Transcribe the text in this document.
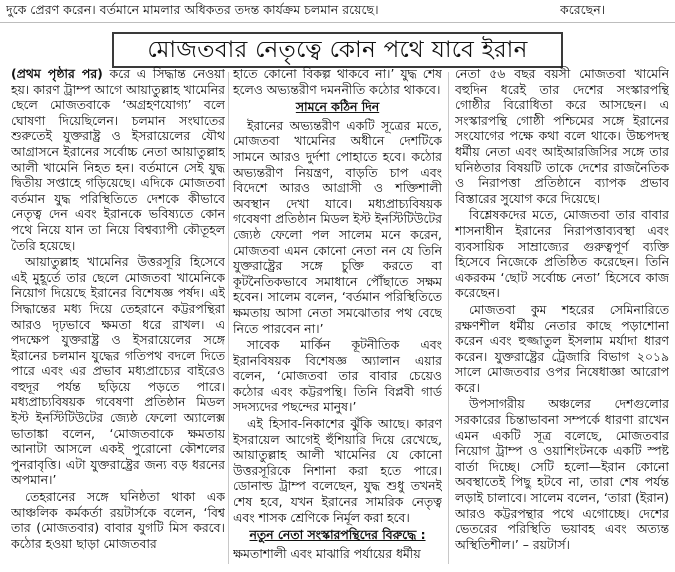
দুকে প্রেরণ করেন। বর্তমানে মামলার অধিকতর তদন্ত কার্যক্রম চলমান রয়েছে।	করেছেন।
মোজতবার নেতৃত্বে কোন পথে যাবে ইরান

(প্রথম পৃষ্ঠার পর) করে এ সিদ্ধান্ত নেওয়া হয়। কারণ ট্রাম্প আগে আয়াতুল্লাহ খামেনির ছেলে মোজতবাকে ‘অগ্রহণযোগ্য’ বলে ঘোষণা দিয়েছিলেন। চলমান সংঘাতের শুরুতেই যুক্তরাষ্ট্র ও ইসরায়েলের যৌথ আগ্রাসনে ইরানের সর্বোচ্চ নেতা আয়াতুল্লাহ আলী খামেনি নিহত হন। বর্তমানে সেই যুদ্ধ দ্বিতীয় সপ্তাহে গড়িয়েছে। এদিকে মোজতবা বর্তমান যুদ্ধ পরিস্থিতিতে দেশকে কীভাবে নেতৃত্ব দেন এবং ইরানকে ভবিষ্যতে কোন পথে নিয়ে যান তা নিয়ে বিশ্বব্যাপী কৌতূহল তৈরি হয়েছে।

আয়াতুল্লাহ খামেনির উত্তরসূরি হিসেবে এই মুহূর্তে তার ছেলে মোজতবা খামেনিকে নিয়োগ দিয়েছে ইরানের বিশেষজ্ঞ পর্ষদ। এই সিদ্ধান্তের মধ্য দিয়ে তেহরানে কট্টরপন্থিরা আরও দৃঢ়ভাবে ক্ষমতা ধরে রাখল। এ পদক্ষেপ যুক্তরাষ্ট্র ও ইসরায়েলের সঙ্গে ইরানের চলমান যুদ্ধের গতিপথ বদলে দিতে পারে এবং এর প্রভাব মধ্যপ্রাচ্যের বাইরেও বহুদূর পর্যন্ত ছড়িয়ে পড়তে পারে। মধ্যপ্রাচ্যবিষয়ক গবেষণা প্রতিষ্ঠান মিডল ইস্ট ইনস্টিটিউটের জ্যেষ্ঠ ফেলো অ্যালেক্স ভাতাঙ্কা বলেন, ‘মোজতবাকে ক্ষমতায় আনাটা আসলে একই পুরোনো কৌশলের পুনরাবৃত্তি। এটা যুক্তরাষ্ট্রের জন্য বড় ধরনের অপমান।’

তেহরানের সঙ্গে ঘনিষ্ঠতা থাকা এক আঞ্চলিক কর্মকর্তা রয়টার্সকে বলেন, ‘বিশ্ব তার (মোজতবার) বাবার যুগটি মিস করবে। কঠোর হওয়া ছাড়া মোজতবার

হাতে কোনো বিকল্প থাকবে না।’ যুদ্ধ শেষ হলেও অভ্যন্তরীণ দমননীতি কঠোর থাকবে।

সামনে কঠিন দিন

ইরানের অভ্যন্তরীণ একটি সূত্রের মতে, মোজতবা খামেনির অধীনে দেশটিকে সামনে আরও দুর্দশা পোহাতে হবে। কঠোর অভ্যন্তরীণ নিয়ন্ত্রণ, বাড়তি চাপ এবং বিদেশে আরও আগ্রাসী ও শক্তিশালী অবস্থান দেখা যাবে। মধ্যপ্রাচ্যবিষয়ক গবেষণা প্রতিষ্ঠান মিডল ইস্ট ইনস্টিটিউটের জ্যেষ্ঠ ফেলো পল সালেম মনে করেন, মোজতবা এমন কোনো নেতা নন যে তিনি যুক্তরাষ্ট্রের সঙ্গে চুক্তি করতে বা কূটনৈতিকভাবে সমাধানে পৌঁছাতে সক্ষম হবেন। সালেম বলেন, ‘বর্তমান পরিস্থিতিতে ক্ষমতায় আসা নেতা সমঝোতার পথ বেছে নিতে পারবেন না।’

সাবেক মার্কিন কূটনীতিক এবং ইরানবিষয়ক বিশেষজ্ঞ অ্যালান এয়ার বলেন, ‘মোজতবা তার বাবার চেয়েও কঠোর এবং কট্টরপন্থি। তিনি বিপ্লবী গার্ড সদস্যদের পছন্দের মানুষ।’

এই হিসাব-নিকাশের ঝুঁকি আছে। কারণ ইসরায়েল আগেই হুঁশিয়ারি দিয়ে রেখেছে, আয়াতুল্লাহ আলী খামেনির যে কোনো উত্তরসূরিকে নিশানা করা হতে পারে। ডোনাল্ড ট্রাম্প বলেছেন, যুদ্ধ শুধু তখনই শেষ হবে, যখন ইরানের সামরিক নেতৃত্ব এবং শাসক শ্রেণিকে নির্মূল করা হবে।

নতুন নেতা সংস্কারপন্থিদের বিরুদ্ধে :

ক্ষমতাশালী এবং মাঝারি পর্যায়ের ধর্মীয়

নেতা ৫৬ বছর বয়সী মোজতবা খামেনি বহুদিন ধরেই তার দেশের সংস্কারপন্থি গোষ্ঠীর বিরোধিতা করে আসছেন। এ সংস্কারপন্থি গোষ্ঠী পশ্চিমের সঙ্গে ইরানের সংযোগের পক্ষে কথা বলে থাকে। উচ্চপদস্থ ধর্মীয় নেতা এবং আইআরজিসির সঙ্গে তার ঘনিষ্ঠতার বিষয়টি তাকে দেশের রাজনৈতিক ও নিরাপত্তা প্রতিষ্ঠানে ব্যাপক প্রভাব বিস্তারের সুযোগ করে দিয়েছে।

বিশ্লেষকদের মতে, মোজতবা তার বাবার শাসনাধীন ইরানের নিরাপত্তাব্যবস্থা এবং ব্যবসায়িক সাম্রাজ্যের গুরুত্বপূর্ণ ব্যক্তি হিসেবে নিজেকে প্রতিষ্ঠিত করেছেন। তিনি একরকম ‘ছোট সর্বোচ্চ নেতা’ হিসেবে কাজ করেছেন।

মোজতবা কুম শহরের সেমিনারিতে রক্ষণশীল ধর্মীয় নেতার কাছে পড়াশোনা করেন এবং হুজ্জাতুল ইসলাম মর্যাদা ধারণ করেন। যুক্তরাষ্ট্রের ট্রেজারি বিভাগ ২০১৯ সালে মোজতবার ওপর নিষেধাজ্ঞা আরোপ করে।

উপসাগরীয় অঞ্চলের দেশগুলোর সরকারের চিন্তাভাবনা সম্পর্কে ধারণা রাখেন এমন একটি সূত্র বলেছে, মোজতবার নিয়োগ ট্রাম্প ও ওয়াশিংটনকে একটি স্পষ্ট বার্তা দিচ্ছে। সেটি হলো—ইরান কোনো অবস্থাতেই পিছু হটবে না, তারা শেষ পর্যন্ত লড়াই চালাবে। সালেম বলেন, ‘তারা (ইরান) আরও কট্টরপন্থার পথে এগোচ্ছে। দেশের ভেতরের পরিস্থিতি ভয়াবহ এবং অত্যন্ত অস্থিতিশীল।’ – রয়টার্স।
